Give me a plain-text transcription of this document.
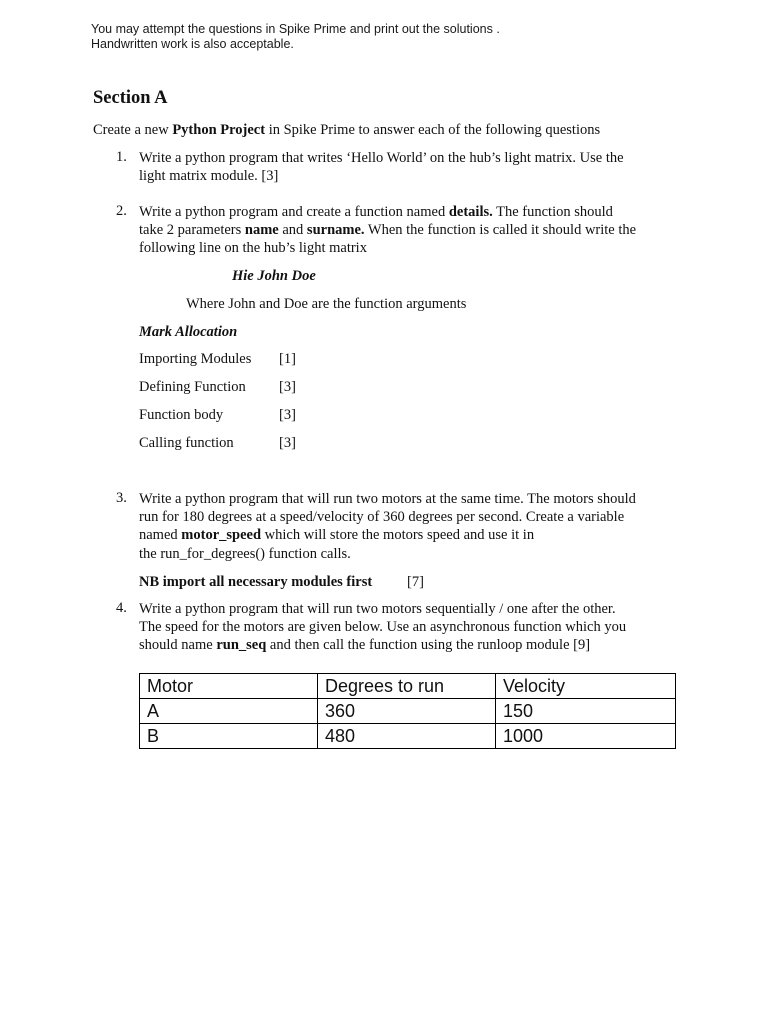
You may attempt the questions in Spike Prime and print out the solutions .
Handwritten work is also acceptable.
Section A
Create a new Python Project in Spike Prime to answer each of the following questions
1. Write a python program that writes ‘Hello World’ on the hub’s light matrix. Use the
light matrix module. [3]
2. Write a python program and create a function named details. The function should
take 2 parameters name and surname. When the function is called it should write the
following line on the hub’s light matrix
Hie John Doe
Where John and Doe are the function arguments
Mark Allocation
Importing Modules [1]
Defining Function [3]
Function body	[3]
Calling function	[3]
3. Write a python program that will run two motors at the same time. The motors should
run for 180 degrees at a speed/velocity of 360 degrees per second. Create a variable
named motor_speed which will store the motors speed and use it in
the run_for_degrees() function calls.
NB import all necessary modules first [7]
4. Write a python program that will run two motors sequentially / one after the other.
The speed for the motors are given below. Use an asynchronous function which you
should name run_seq and then call the function using the runloop module [9]
Motor	Degrees to run	Velocity
A	360	150
B	480	1000
